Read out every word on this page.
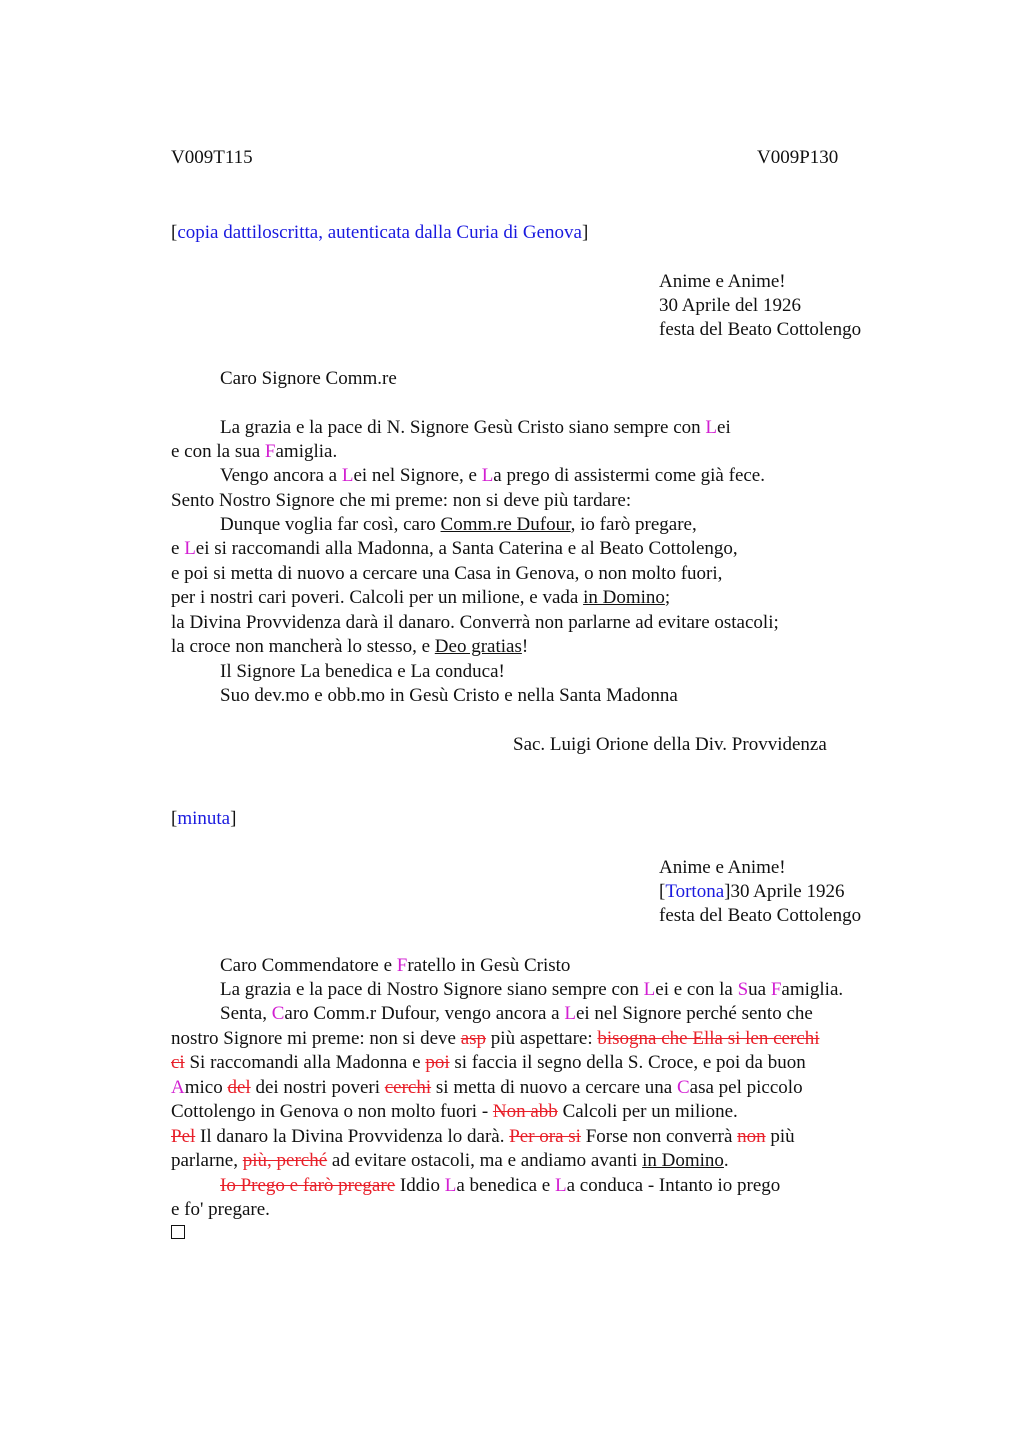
V009T115	V009P130
[copia dattiloscritta, autenticata dalla Curia di Genova]
Anime e Anime!
30 Aprile del 1926
festa del Beato Cottolengo
Caro Signore Comm.re
La grazia e la pace di N. Signore Gesù Cristo siano sempre con Lei
e con la sua Famiglia.
Vengo ancora a Lei nel Signore, e La prego di assistermi come già fece.
Sento Nostro Signore che mi preme: non si deve più tardare:
Dunque voglia far così, caro Comm.re Dufour, io farò pregare,
e Lei si raccomandi alla Madonna, a Santa Caterina e al Beato Cottolengo,
e poi si metta di nuovo a cercare una Casa in Genova, o non molto fuori,
per i nostri cari poveri. Calcoli per un milione, e vada in Domino;
la Divina Provvidenza darà il danaro. Converrà non parlarne ad evitare ostacoli;
la croce non mancherà lo stesso, e Deo gratias!
Il Signore La benedica e La conduca!
Suo dev.mo e obb.mo in Gesù Cristo e nella Santa Madonna
Sac. Luigi Orione della Div. Provvidenza
[minuta]
Anime e Anime!
[Tortona]30 Aprile 1926
festa del Beato Cottolengo
Caro Commendatore e Fratello in Gesù Cristo
La grazia e la pace di Nostro Signore siano sempre con Lei e con la Sua Famiglia.
Senta, Caro Comm.r Dufour, vengo ancora a Lei nel Signore perché sento che
nostro Signore mi preme: non si deve asp più aspettare: bisogna che Ella si len cerchi
ci Si raccomandi alla Madonna e poi si faccia il segno della S. Croce, e poi da buon
Amico del dei nostri poveri cerchi si metta di nuovo a cercare una Casa pel piccolo
Cottolengo in Genova o non molto fuori - Non abb Calcoli per un milione.
Pel Il danaro la Divina Provvidenza lo darà. Per ora si Forse non converrà non più
parlarne, più, perché ad evitare ostacoli, ma e andiamo avanti in Domino.
Io Prego e farò pregare Iddio La benedica e La conduca - Intanto io prego
e fo' pregare.
